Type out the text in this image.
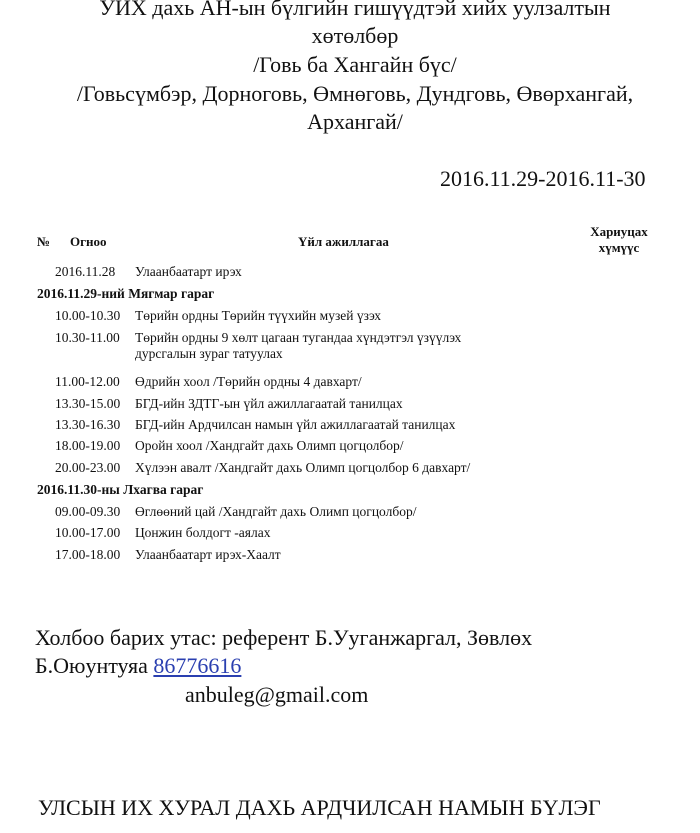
УИХ дахь АН-ын бүлгийн гишүүдтэй хийх уулзалтын
хөтөлбөр
/Говь ба Хангайн бүс/
/Говьсүмбэр, Дорноговь, Өмнөговь, Дундговь, Өвөрхангай,
Архангай/
2016.11.29-2016.11-30
№ Огноо	Үйл ажиллагаа
Хариуцах
хүмүүс
2016.11.28 Улаанбаатарт ирэх
2016.11.29-ний Мягмар гараг
10.00-10.30 Төрийн ордны Төрийн түүхийн музей үзэх
10.30-11.00 Төрийн ордны 9 хөлт цагаан тугандаа хүндэтгэл үзүүлэх дурсгалын зураг татуулах
11.00-12.00 Өдрийн хоол /Төрийн ордны 4 давхарт/
13.30-15.00 БГД-ийн ЗДТГ-ын үйл ажиллагаатай танилцах
13.30-16.30 БГД-ийн Ардчилсан намын үйл ажиллагаатай танилцах
18.00-19.00 Оройн хоол /Хандгайт дахь Олимп цогцолбор/
20.00-23.00 Хүлээн авалт /Хандгайт дахь Олимп цогцолбор 6 давхарт/
2016.11.30-ны Лхагва гараг
09.00-09.30 Өглөөний цай /Хандгайт дахь Олимп цогцолбор/
10.00-17.00 Цонжин болдогт -аялах
17.00-18.00 Улаанбаатарт ирэх-Хаалт
Холбоо барих утас: референт Б.Ууганжаргал, Зөвлөх
Б.Оюунтуяа 86776616
anbuleg@gmail.com
УЛСЫН ИХ ХУРАЛ ДАХЬ АРДЧИЛСАН НАМЫН БҮЛЭГ
